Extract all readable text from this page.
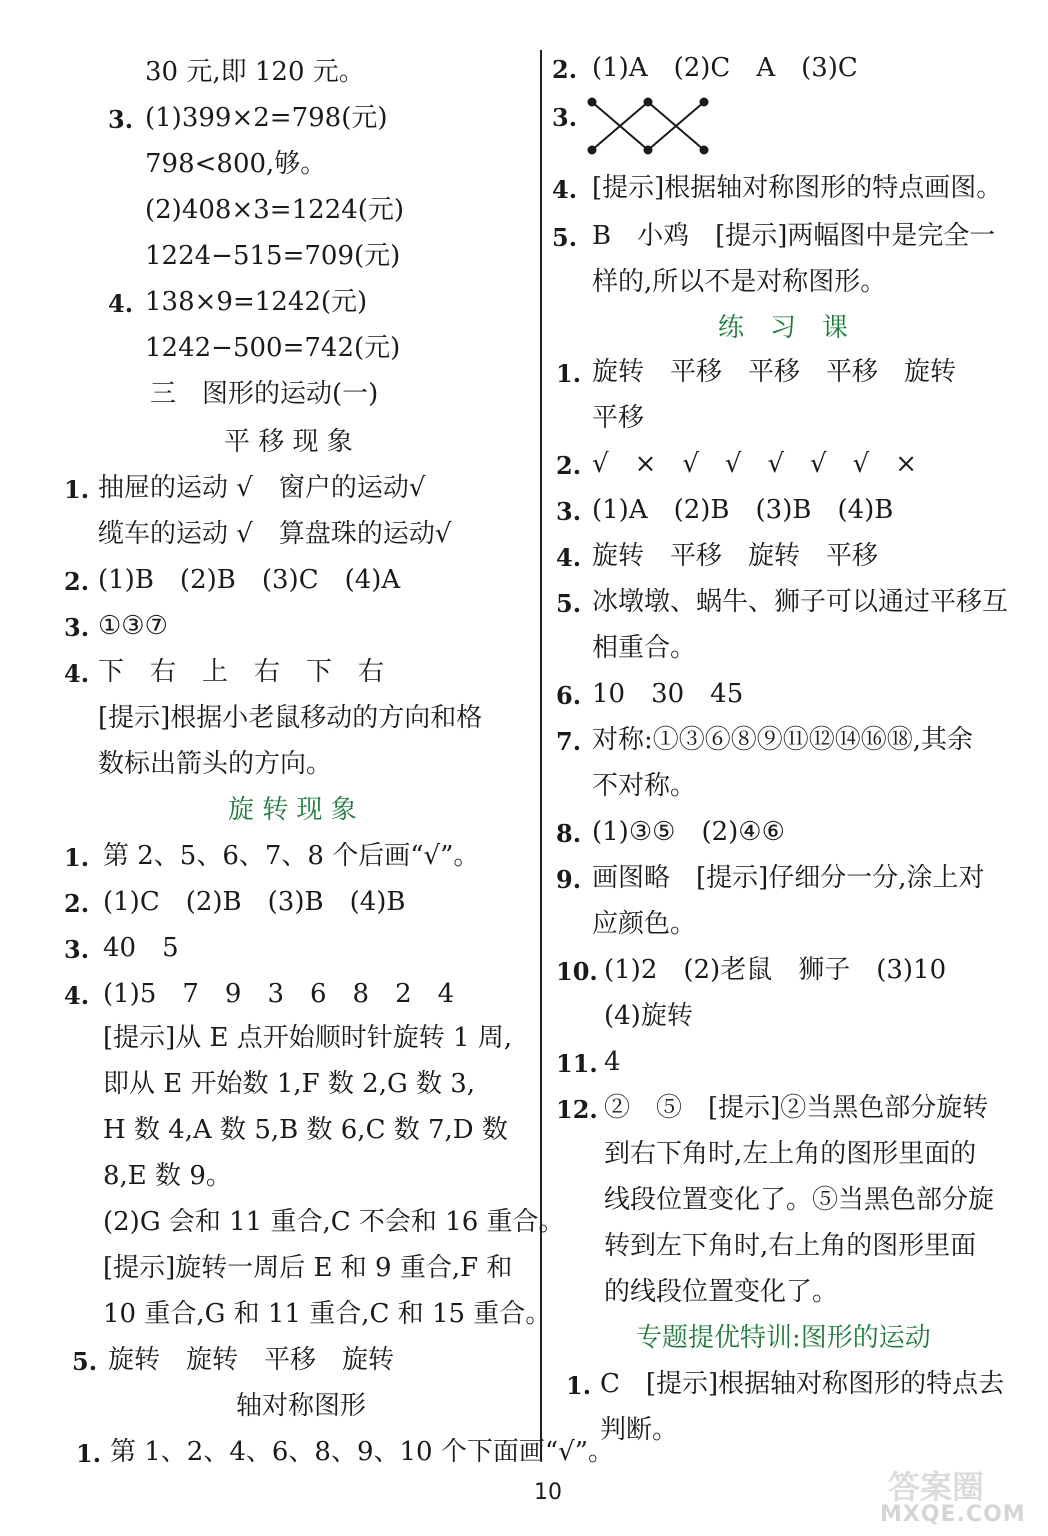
30 元,即 120 元。
3. (1)399×2=798(元)
798<800,够。
(2)408×3=1224(元)
1224−515=709(元)
4. 138×9=1242(元)
1242−500=742(元)
三　图形的运动(一)
平 移 现 象
1. 抽屉的运动 √　窗户的运动√
缆车的运动 √　算盘珠的运动√
2. (1)B　(2)B　(3)C　(4)A
3. ①③⑦
4. 下　右　上　右　下　右
[提示]根据小老鼠移动的方向和格
数标出箭头的方向。
旋 转 现 象
1. 第 2、5、6、7、8 个后画“√”。
2. (1)C　(2)B　(3)B　(4)B
3. 40　5
4. (1)5　7　9　3　6　8　2　4
[提示]从 E 点开始顺时针旋转 1 周,
即从 E 开始数 1,F 数 2,G 数 3,
H 数 4,A 数 5,B 数 6,C 数 7,D 数
8,E 数 9。
(2)G 会和 11 重合,C 不会和 16 重合。
[提示]旋转一周后 E 和 9 重合,F 和
10 重合,G 和 11 重合,C 和 15 重合。
5. 旋转　旋转　平移　旋转
轴对称图形
1. 第 1、2、4、6、8、9、10 个下面画“√”。
2. (1)A　(2)C　A　(3)C
3.
4. [提示]根据轴对称图形的特点画图。
5. B　小鸡　[提示]两幅图中是完全一
样的,所以不是对称图形。
练　习　课
1. 旋转　平移　平移　平移　旋转
平移
2. √　×　√　√　√　√　√　×
3. (1)A　(2)B　(3)B　(4)B
4. 旋转　平移　旋转　平移
5. 冰墩墩、蜗牛、狮子可以通过平移互
相重合。
6. 10　30　45
7. 对称:①③⑥⑧⑨⑪⑫⑭⑯⑱,其余
不对称。
8. (1)③⑤　(2)④⑥
9. 画图略　[提示]仔细分一分,涂上对
应颜色。
10. (1)2　(2)老鼠　狮子　(3)10
(4)旋转
11. 4
12. ②　⑤　[提示]②当黑色部分旋转
到右下角时,左上角的图形里面的
线段位置变化了。⑤当黑色部分旋
转到左下角时,右上角的图形里面
的线段位置变化了。
专题提优特训:图形的运动
1. C　[提示]根据轴对称图形的特点去
判断。
10	答案圈
MXQE.COM
